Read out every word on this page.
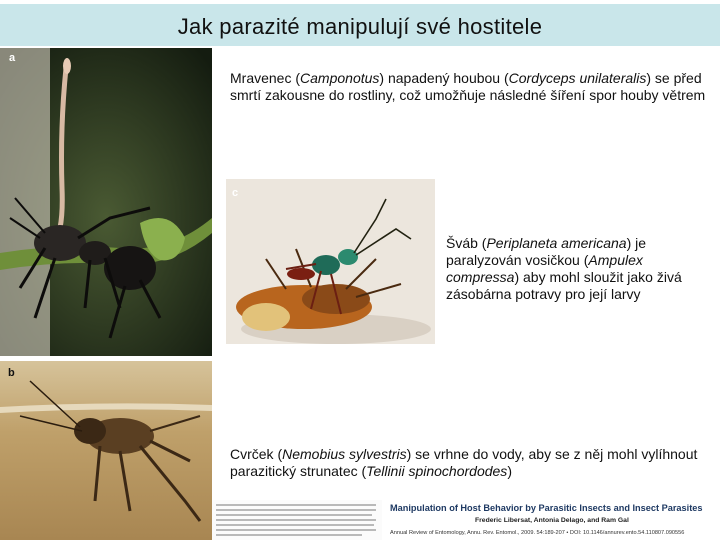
Jak parazité manipulují své hostitele
a
c
b
Mravenec (Camponotus) napadený houbou (Cordyceps unilateralis) se před smrtí zakousne do rostliny, což umožňuje následné šíření spor houby větrem
Šváb (Periplaneta americana) je paralyzován vosičkou (Ampulex compressa) aby mohl sloužit jako živá zásobárna potravy pro její larvy
Cvrček (Nemobius sylvestris) se vrhne do vody, aby se z něj mohl vylíhnout parazitický strunatec (Tellinii spinochordodes)
Manipulation of Host Behavior by Parasitic Insects and Insect Parasites
Frederic Libersat, Antonia Delago, and Ram Gal
Annual Review of Entomology, Annu. Rev. Entomol., 2009. 54:189-207 • DOI: 10.1146/annurev.ento.54.110807.090556
